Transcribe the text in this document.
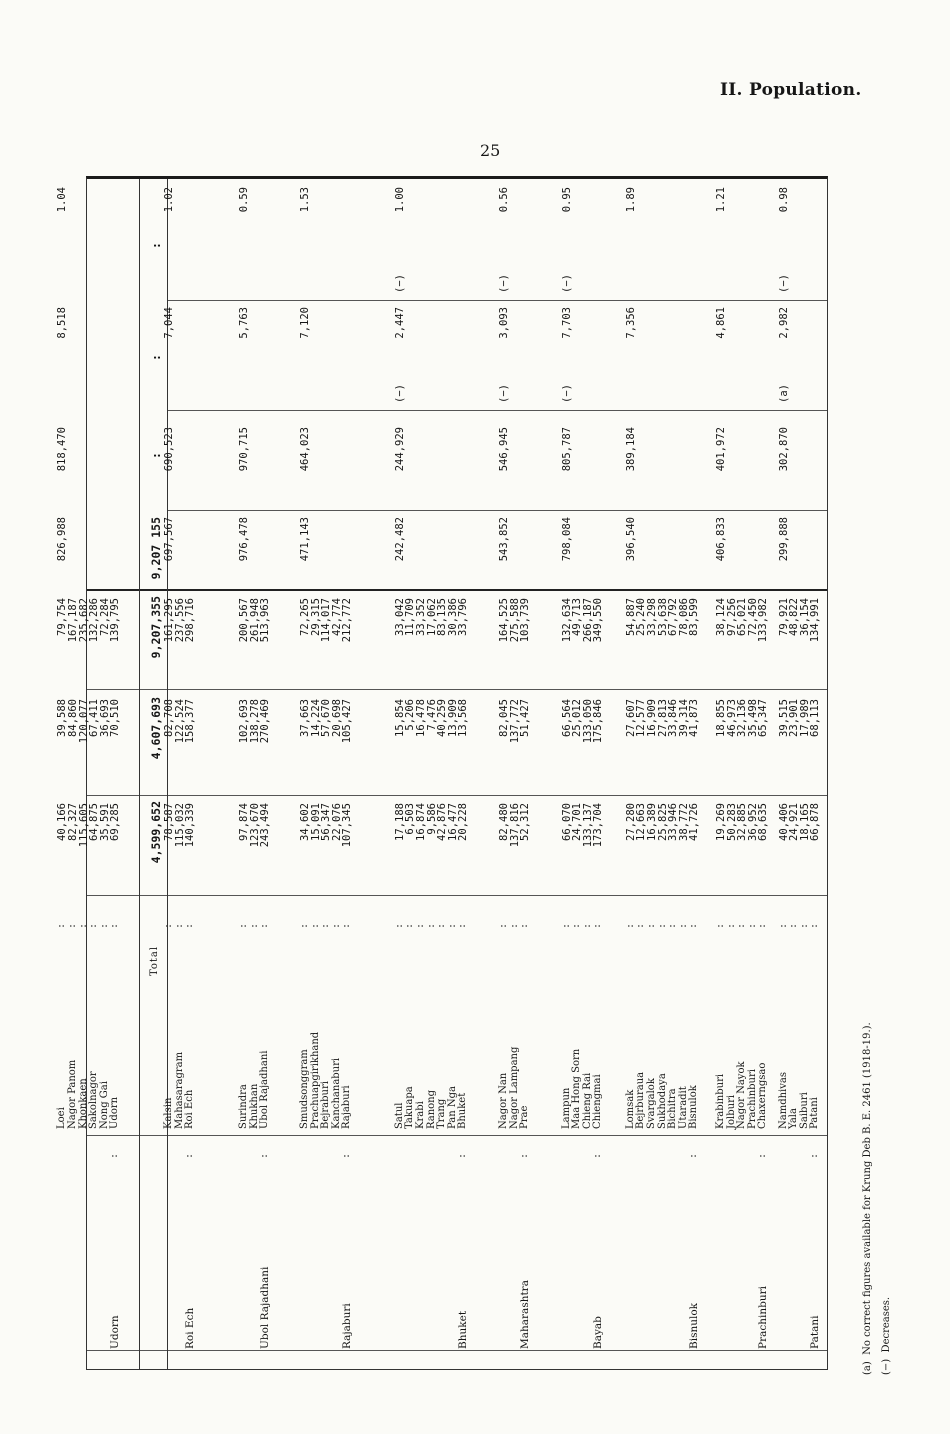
II. Population.
25
Patani
:
Patani
:
66,878
68,113
134,991
Saiburi
:
18,165
17,989
36,154
Yala
:
24,921
23,901
48,822
Namdhivas
:
40,406
39,515
79,921
299,888
302,870
(a)
2,982
(−)
0.98
Prachinburi
:
Chaxerngsao
:
68,635
65,347
133,982
Prachinburi
:
36,952
35,498
72,450
Nagor Nayok
:
32,885
32,136
65,021
Jolburi
:
50,283
46,973
97,256
Krabinburi
:
19,269
18,855
38,124
406,833
401,972
4,861
1.21
Bisnulok
:
Bisnulok
:
41,726
41,873
83,599
Utaradit
:
38,772
39,314
78,086
Bichitra
:
33,946
33,846
67,792
Sukhodaya
:
25,825
27,813
53,638
Svargalok
:
16,389
16,909
33,298
Bejrburaua
:
12,663
12,577
25,240
Lomsak
:
27,280
27,607
54,887
396,540
389,184
7,356
1.89
Bayab
:
Chiengmai
:
173,704
175,846
349,550
Chieng Rai
:
133,137
133,050
266,187
Maa Hong Sorn
:
24,701
25,012
49,713
Lampun
:
66,070
66,564
132,634
798,084
805,787
(−)
7,703
(−)
0.95
Maharashtra
:
Prae
:
52,312
51,427
103,739
Nagor Lampang
:
137,816
137,772
275,588
Nagor Nan
:
82,480
82,045
164,525
543,852
546,945
(−)
3,093
(−)
0.56
Bhuket
:
Bhuket
:
20,228
13,568
33,796
Pan Nga
:
16,477
13,909
30,386
Trang
:
42,876
40,259
83,135
Ranong
:
9,586
7,476
17,062
Krabi
:
16,874
16,478
33,352
Takuapa
:
6,503
5,206
11,709
Satul
:
17,188
15,854
33,042
242,482
244,929
(−)
2,447
(−)
1.00
Rajaburi
:
Rajaburi
:
107,345
105,427
212,772
Kanchanaburi
:
22,076
20,698
42,774
Bejraburi
:
56,347
57,670
114,017
Prachuapgirikhand
:
15,091
14,224
29,315
Smudsonggram
:
34,602
37,663
72,265
471,143
464,023
7,120
1.53
Ubol Rajadhani
:
Ubol Rajadhani
:
243,494
270,469
513,963
Khukhan
:
123,670
138,278
261,948
Surindra
:
97,874
102,693
200,567
976,478
970,715
5,763
0.59
Roi Ech
:
Roi Ech
:
140,339
158,377
298,716
Mahasaragram
:
115,032
122,524
237,556
Kalsin
:
78,587
82,708
161,295
697,567
690,523
7,044
1.02
Udorn
:
Udorn
:
69,285
70,510
139,795
Nong Gai
:
35,591
36,693
72,284
Sakolnagor
:
64,875
67,411
132,286
Khonkaen
:
115,605
120,077
235,682
Nagor Panom
:
82,327
84,860
167,187
Loei
:
40,166
39,588
79,754
826,988
818,470
8,518
1.04
Total
4,599,652
4,607,693
9,207,355
9,207 155
:
:
:
(a)  No correct figures available for Krung Deb B. E. 2461 (1918-19.).
(−)  Decreases.
